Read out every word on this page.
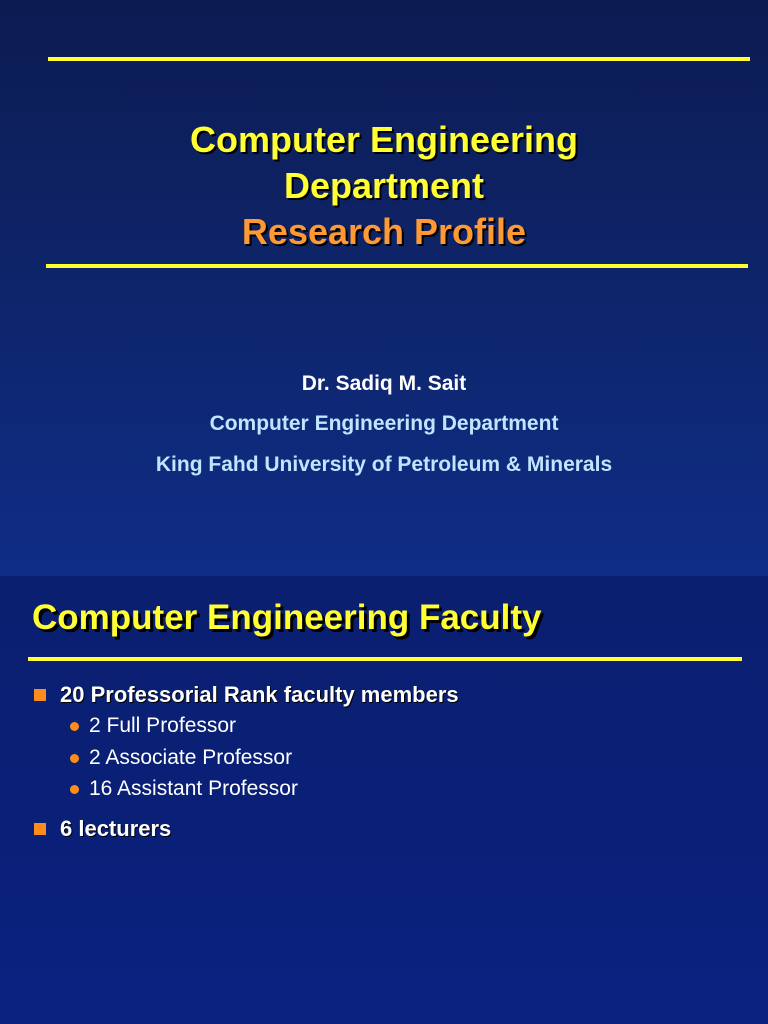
Computer Engineering
Department
Research Profile
Dr. Sadiq M. Sait
Computer Engineering Department
King Fahd University of Petroleum & Minerals
Computer Engineering Faculty
20 Professorial Rank faculty members
2 Full Professor
2 Associate Professor
16 Assistant Professor
6 lecturers
